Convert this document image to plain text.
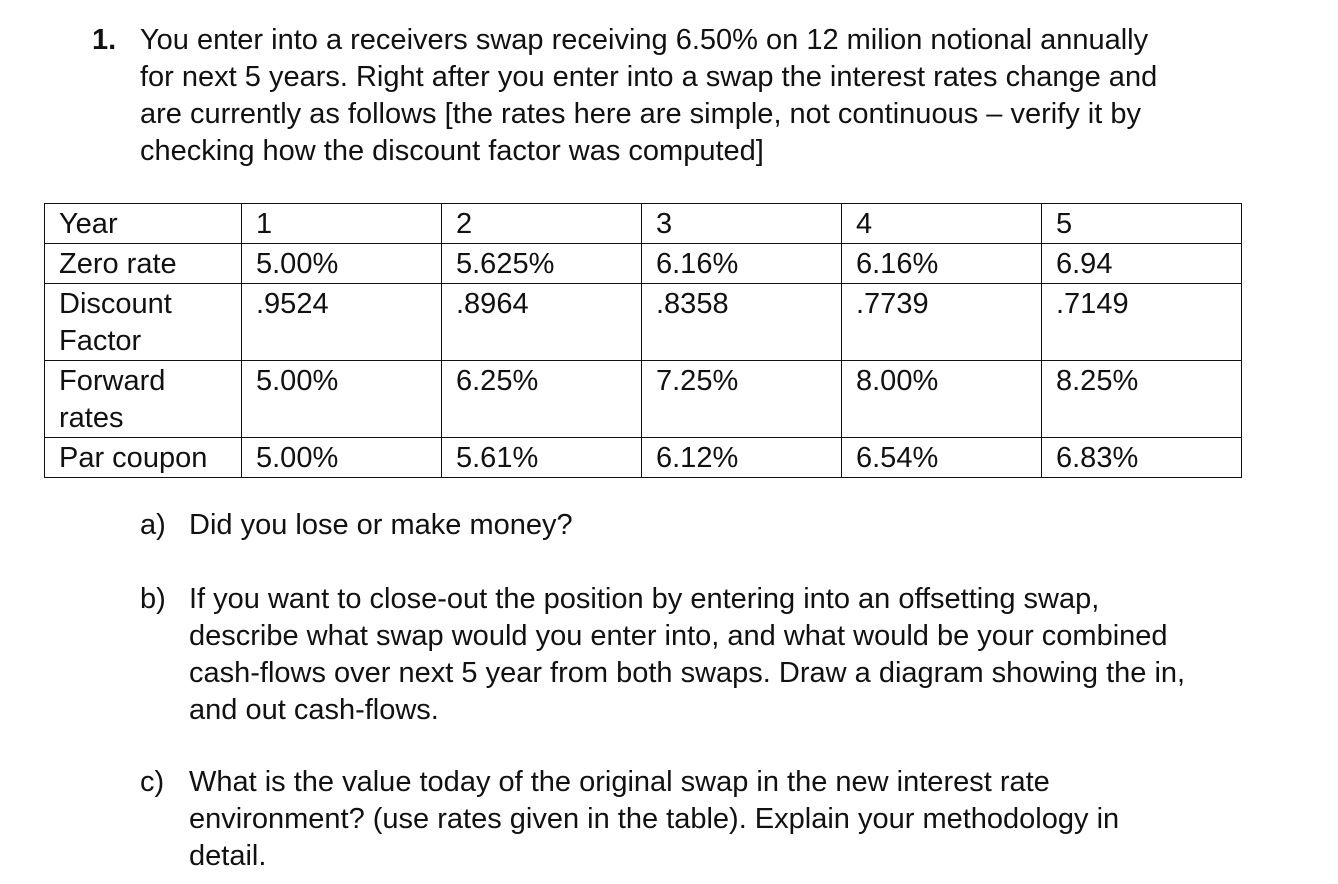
1. You enter into a receivers swap receiving 6.50% on 12 milion notional annually
for next 5 years. Right after you enter into a swap the interest rates change and
are currently as follows [the rates here are simple, not continuous – verify it by
checking how the discount factor was computed]
Year	1	2	3	4	5
Zero rate	5.00%	5.625%	6.16%	6.16%	6.94

Discount
Factor	.9524	.8964	.8358	.7739	.7149

Forward
rates	5.00%	6.25%	7.25%	8.00%	8.25%
Par coupon	5.00%	5.61%	6.12%	6.54%	6.83%
a) Did you lose or make money?
b) If you want to close-out the position by entering into an offsetting swap,
describe what swap would you enter into, and what would be your combined
cash-flows over next 5 year from both swaps. Draw a diagram showing the in,
and out cash-flows.
c) What is the value today of the original swap in the new interest rate
environment? (use rates given in the table). Explain your methodology in
detail.
